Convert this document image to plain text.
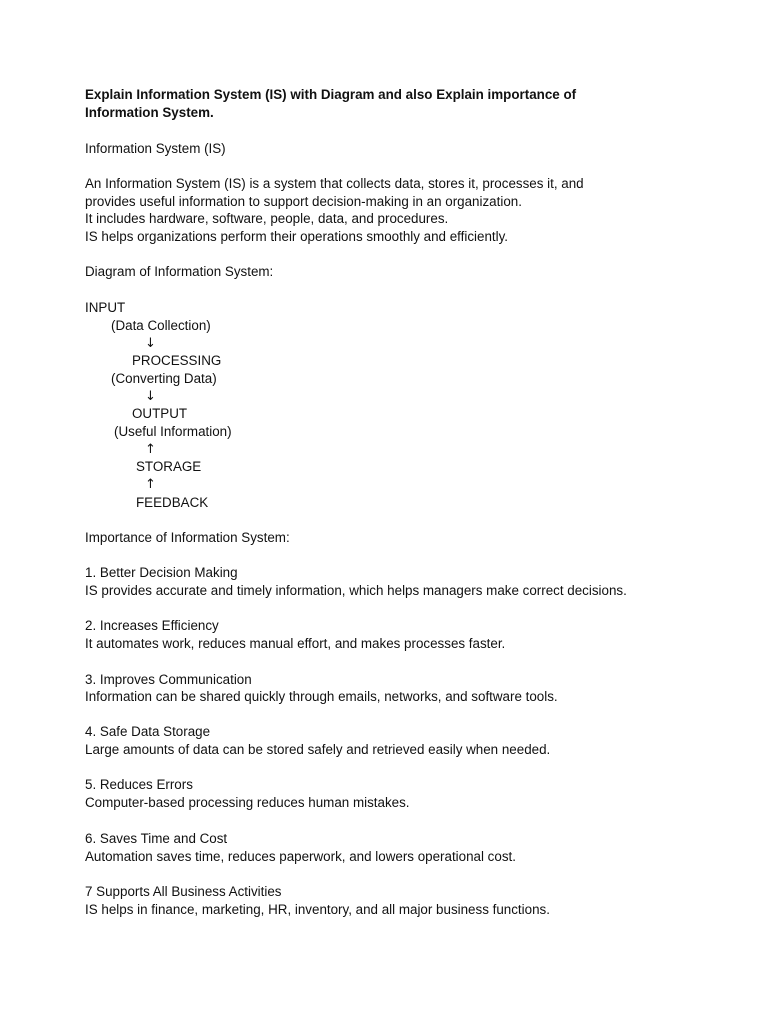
Explain Information System (IS) with Diagram and also Explain importance of
Information System.
Information System (IS)
An Information System (IS) is a system that collects data, stores it, processes it, and
provides useful information to support decision-making in an organization.
It includes hardware, software, people, data, and procedures.
IS helps organizations perform their operations smoothly and efficiently.
Diagram of Information System:
INPUT
(Data Collection)
↓
PROCESSING
(Converting Data)
↓
OUTPUT
(Useful Information)
↑
STORAGE
↑
FEEDBACK
Importance of Information System:
1. Better Decision Making
IS provides accurate and timely information, which helps managers make correct decisions.
2. Increases Efficiency
It automates work, reduces manual effort, and makes processes faster.
3. Improves Communication
Information can be shared quickly through emails, networks, and software tools.
4. Safe Data Storage
Large amounts of data can be stored safely and retrieved easily when needed.
5. Reduces Errors
Computer-based processing reduces human mistakes.
6. Saves Time and Cost
Automation saves time, reduces paperwork, and lowers operational cost.
7 Supports All Business Activities
IS helps in finance, marketing, HR, inventory, and all major business functions.
